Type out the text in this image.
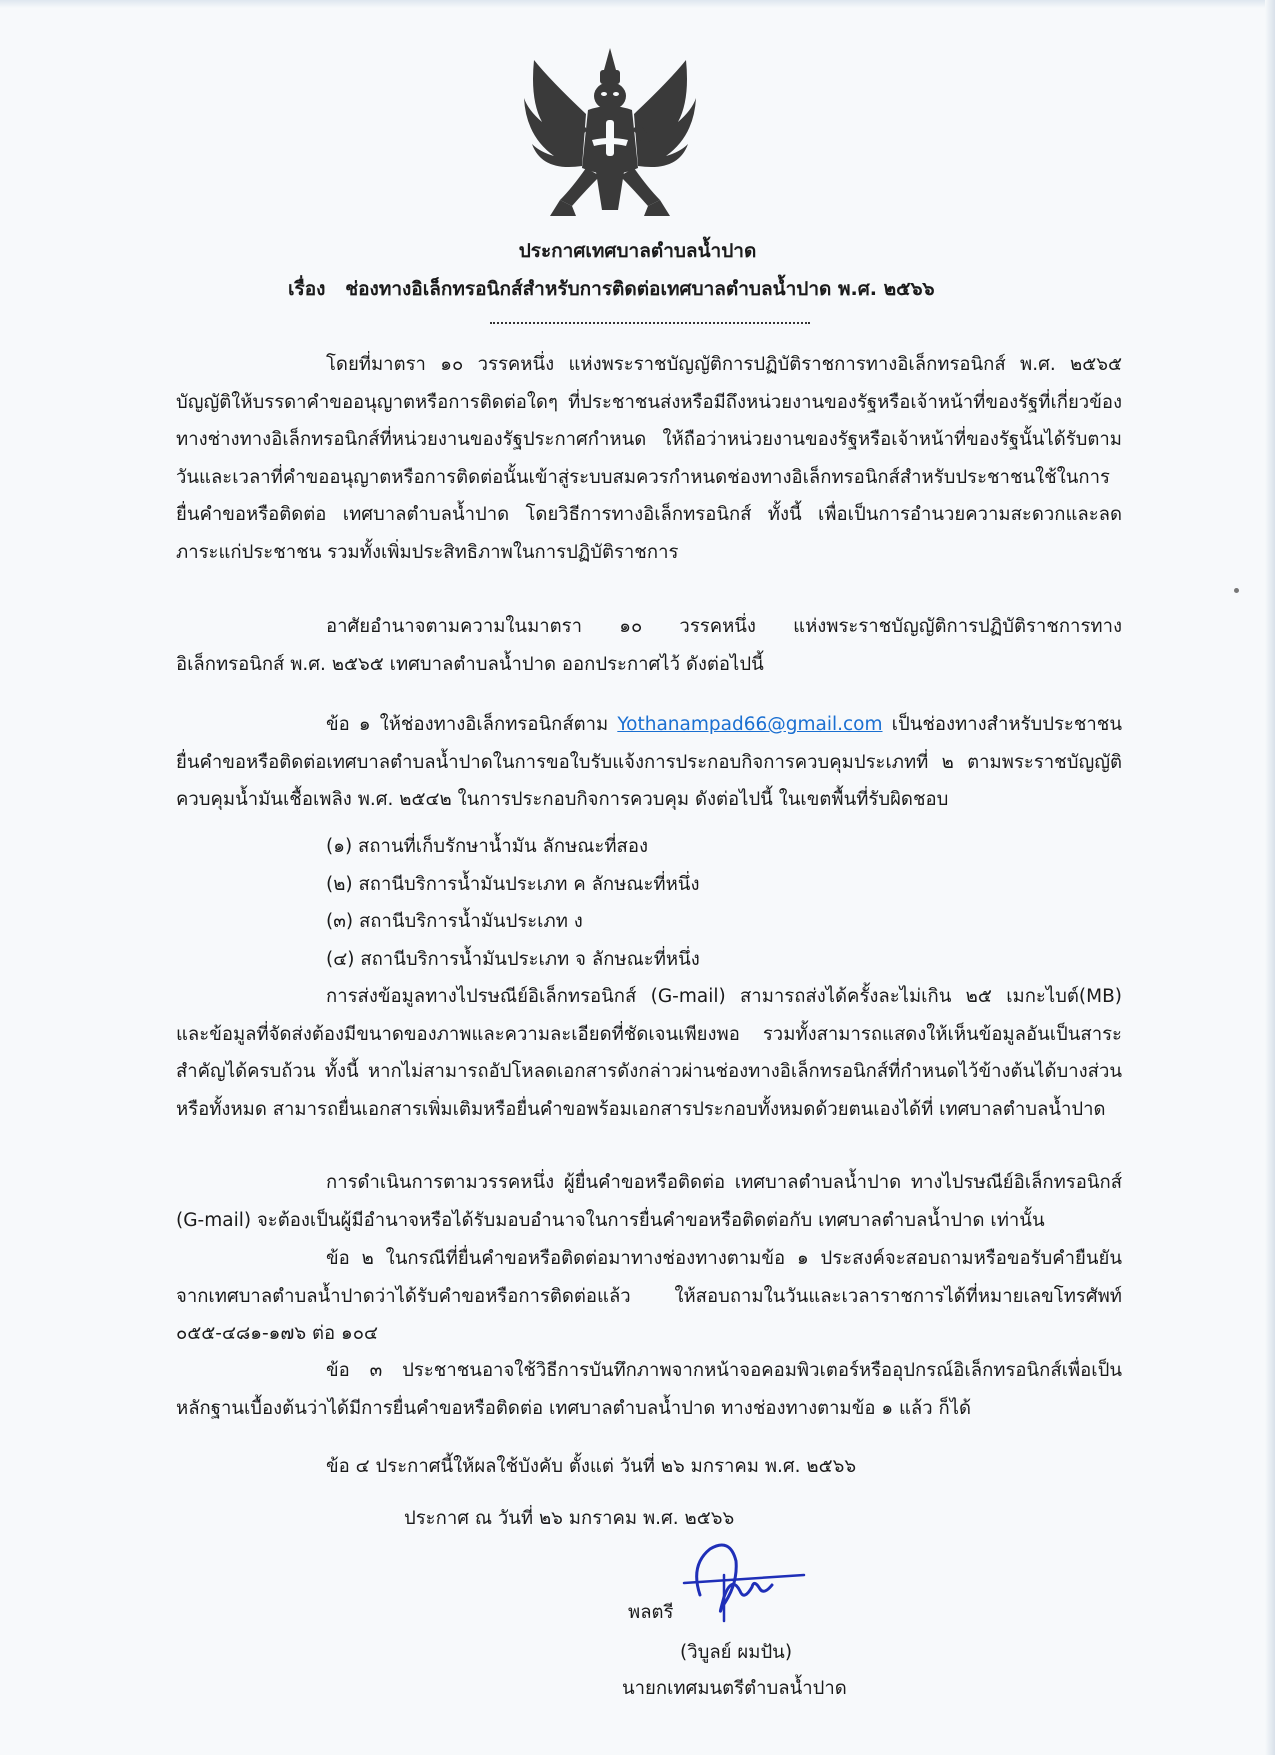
ประกาศเทศบาลตำบลน้ำปาด
เรื่อง ช่องทางอิเล็กทรอนิกส์สำหรับการติดต่อเทศบาลตำบลน้ำปาด พ.ศ. ๒๕๖๖
โดยที่มาตรา ๑๐ วรรคหนึ่ง แห่งพระราชบัญญัติการปฏิบัติราชการทางอิเล็กทรอนิกส์ พ.ศ. ๒๕๖๕ บัญญัติให้บรรดาคำขออนุญาตหรือการติดต่อใดๆ ที่ประชาชนส่งหรือมีถึงหน่วยงานของรัฐหรือเจ้าหน้าที่ของรัฐที่เกี่ยวข้องทางช่างทางอิเล็กทรอนิกส์ที่หน่วยงานของรัฐประกาศกำหนด ให้ถือว่าหน่วยงานของรัฐหรือเจ้าหน้าที่ของรัฐนั้นได้รับตามวันและเวลาที่คำขออนุญาตหรือการติดต่อนั้นเข้าสู่ระบบสมควรกำหนดช่องทางอิเล็กทรอนิกส์สำหรับประชาชนใช้ในการยื่นคำขอหรือติดต่อ เทศบาลตำบลน้ำปาด โดยวิธีการทางอิเล็กทรอนิกส์ ทั้งนี้ เพื่อเป็นการอำนวยความสะดวกและลดภาระแก่ประชาชน รวมทั้งเพิ่มประสิทธิภาพในการปฏิบัติราชการ
อาศัยอำนาจตามความในมาตรา ๑๐ วรรคหนึ่ง แห่งพระราชบัญญัติการปฏิบัติราชการทางอิเล็กทรอนิกส์ พ.ศ. ๒๕๖๕ เทศบาลตำบลน้ำปาด ออกประกาศไว้ ดังต่อไปนี้
ข้อ ๑ ให้ช่องทางอิเล็กทรอนิกส์ตาม Yothanampad66@gmail.com เป็นช่องทางสำหรับประชาชนยื่นคำขอหรือติดต่อเทศบาลตำบลน้ำปาดในการขอใบรับแจ้งการประกอบกิจการควบคุมประเภทที่ ๒ ตามพระราชบัญญัติควบคุมน้ำมันเชื้อเพลิง พ.ศ. ๒๕๔๒ ในการประกอบกิจการควบคุม ดังต่อไปนี้ ในเขตพื้นที่รับผิดชอบ
(๑) สถานที่เก็บรักษาน้ำมัน ลักษณะที่สอง
(๒) สถานีบริการน้ำมันประเภท ค ลักษณะที่หนึ่ง
(๓) สถานีบริการน้ำมันประเภท ง
(๔) สถานีบริการน้ำมันประเภท จ ลักษณะที่หนึ่ง
การส่งข้อมูลทางไปรษณีย์อิเล็กทรอนิกส์ (G-mail) สามารถส่งได้ครั้งละไม่เกิน ๒๕ เมกะไบต์(MB) และข้อมูลที่จัดส่งต้องมีขนาดของภาพและความละเอียดที่ชัดเจนเพียงพอ รวมทั้งสามารถแสดงให้เห็นข้อมูลอันเป็นสาระสำคัญได้ครบถ้วน ทั้งนี้ หากไม่สามารถอัปโหลดเอกสารดังกล่าวผ่านช่องทางอิเล็กทรอนิกส์ที่กำหนดไว้ข้างต้นได้บางส่วนหรือทั้งหมด สามารถยื่นเอกสารเพิ่มเติมหรือยื่นคำขอพร้อมเอกสารประกอบทั้งหมดด้วยตนเองได้ที่ เทศบาลตำบลน้ำปาด
การดำเนินการตามวรรคหนึ่ง ผู้ยื่นคำขอหรือติดต่อ เทศบาลตำบลน้ำปาด ทางไปรษณีย์อิเล็กทรอนิกส์ (G-mail) จะต้องเป็นผู้มีอำนาจหรือได้รับมอบอำนาจในการยื่นคำขอหรือติดต่อกับ เทศบาลตำบลน้ำปาด เท่านั้น
ข้อ ๒ ในกรณีที่ยื่นคำขอหรือติดต่อมาทางช่องทางตามข้อ ๑ ประสงค์จะสอบถามหรือขอรับคำยืนยันจากเทศบาลตำบลน้ำปาดว่าได้รับคำขอหรือการติดต่อแล้ว ให้สอบถามในวันและเวลาราชการได้ที่หมายเลขโทรศัพท์ ๐๕๕-๔๘๑-๑๗๖ ต่อ ๑๐๔
ข้อ ๓ ประชาชนอาจใช้วิธีการบันทึกภาพจากหน้าจอคอมพิวเตอร์หรืออุปกรณ์อิเล็กทรอนิกส์เพื่อเป็นหลักฐานเบื้องต้นว่าได้มีการยื่นคำขอหรือติดต่อ เทศบาลตำบลน้ำปาด ทางช่องทางตามข้อ ๑ แล้ว ก็ได้
ข้อ ๔ ประกาศนี้ให้ผลใช้บังคับ ตั้งแต่ วันที่ ๒๖ มกราคม พ.ศ. ๒๕๖๖
ประกาศ ณ วันที่ ๒๖ มกราคม พ.ศ. ๒๕๖๖
พลตรี
(วิบูลย์ ผมปัน)
นายกเทศมนตรีตำบลน้ำปาด
